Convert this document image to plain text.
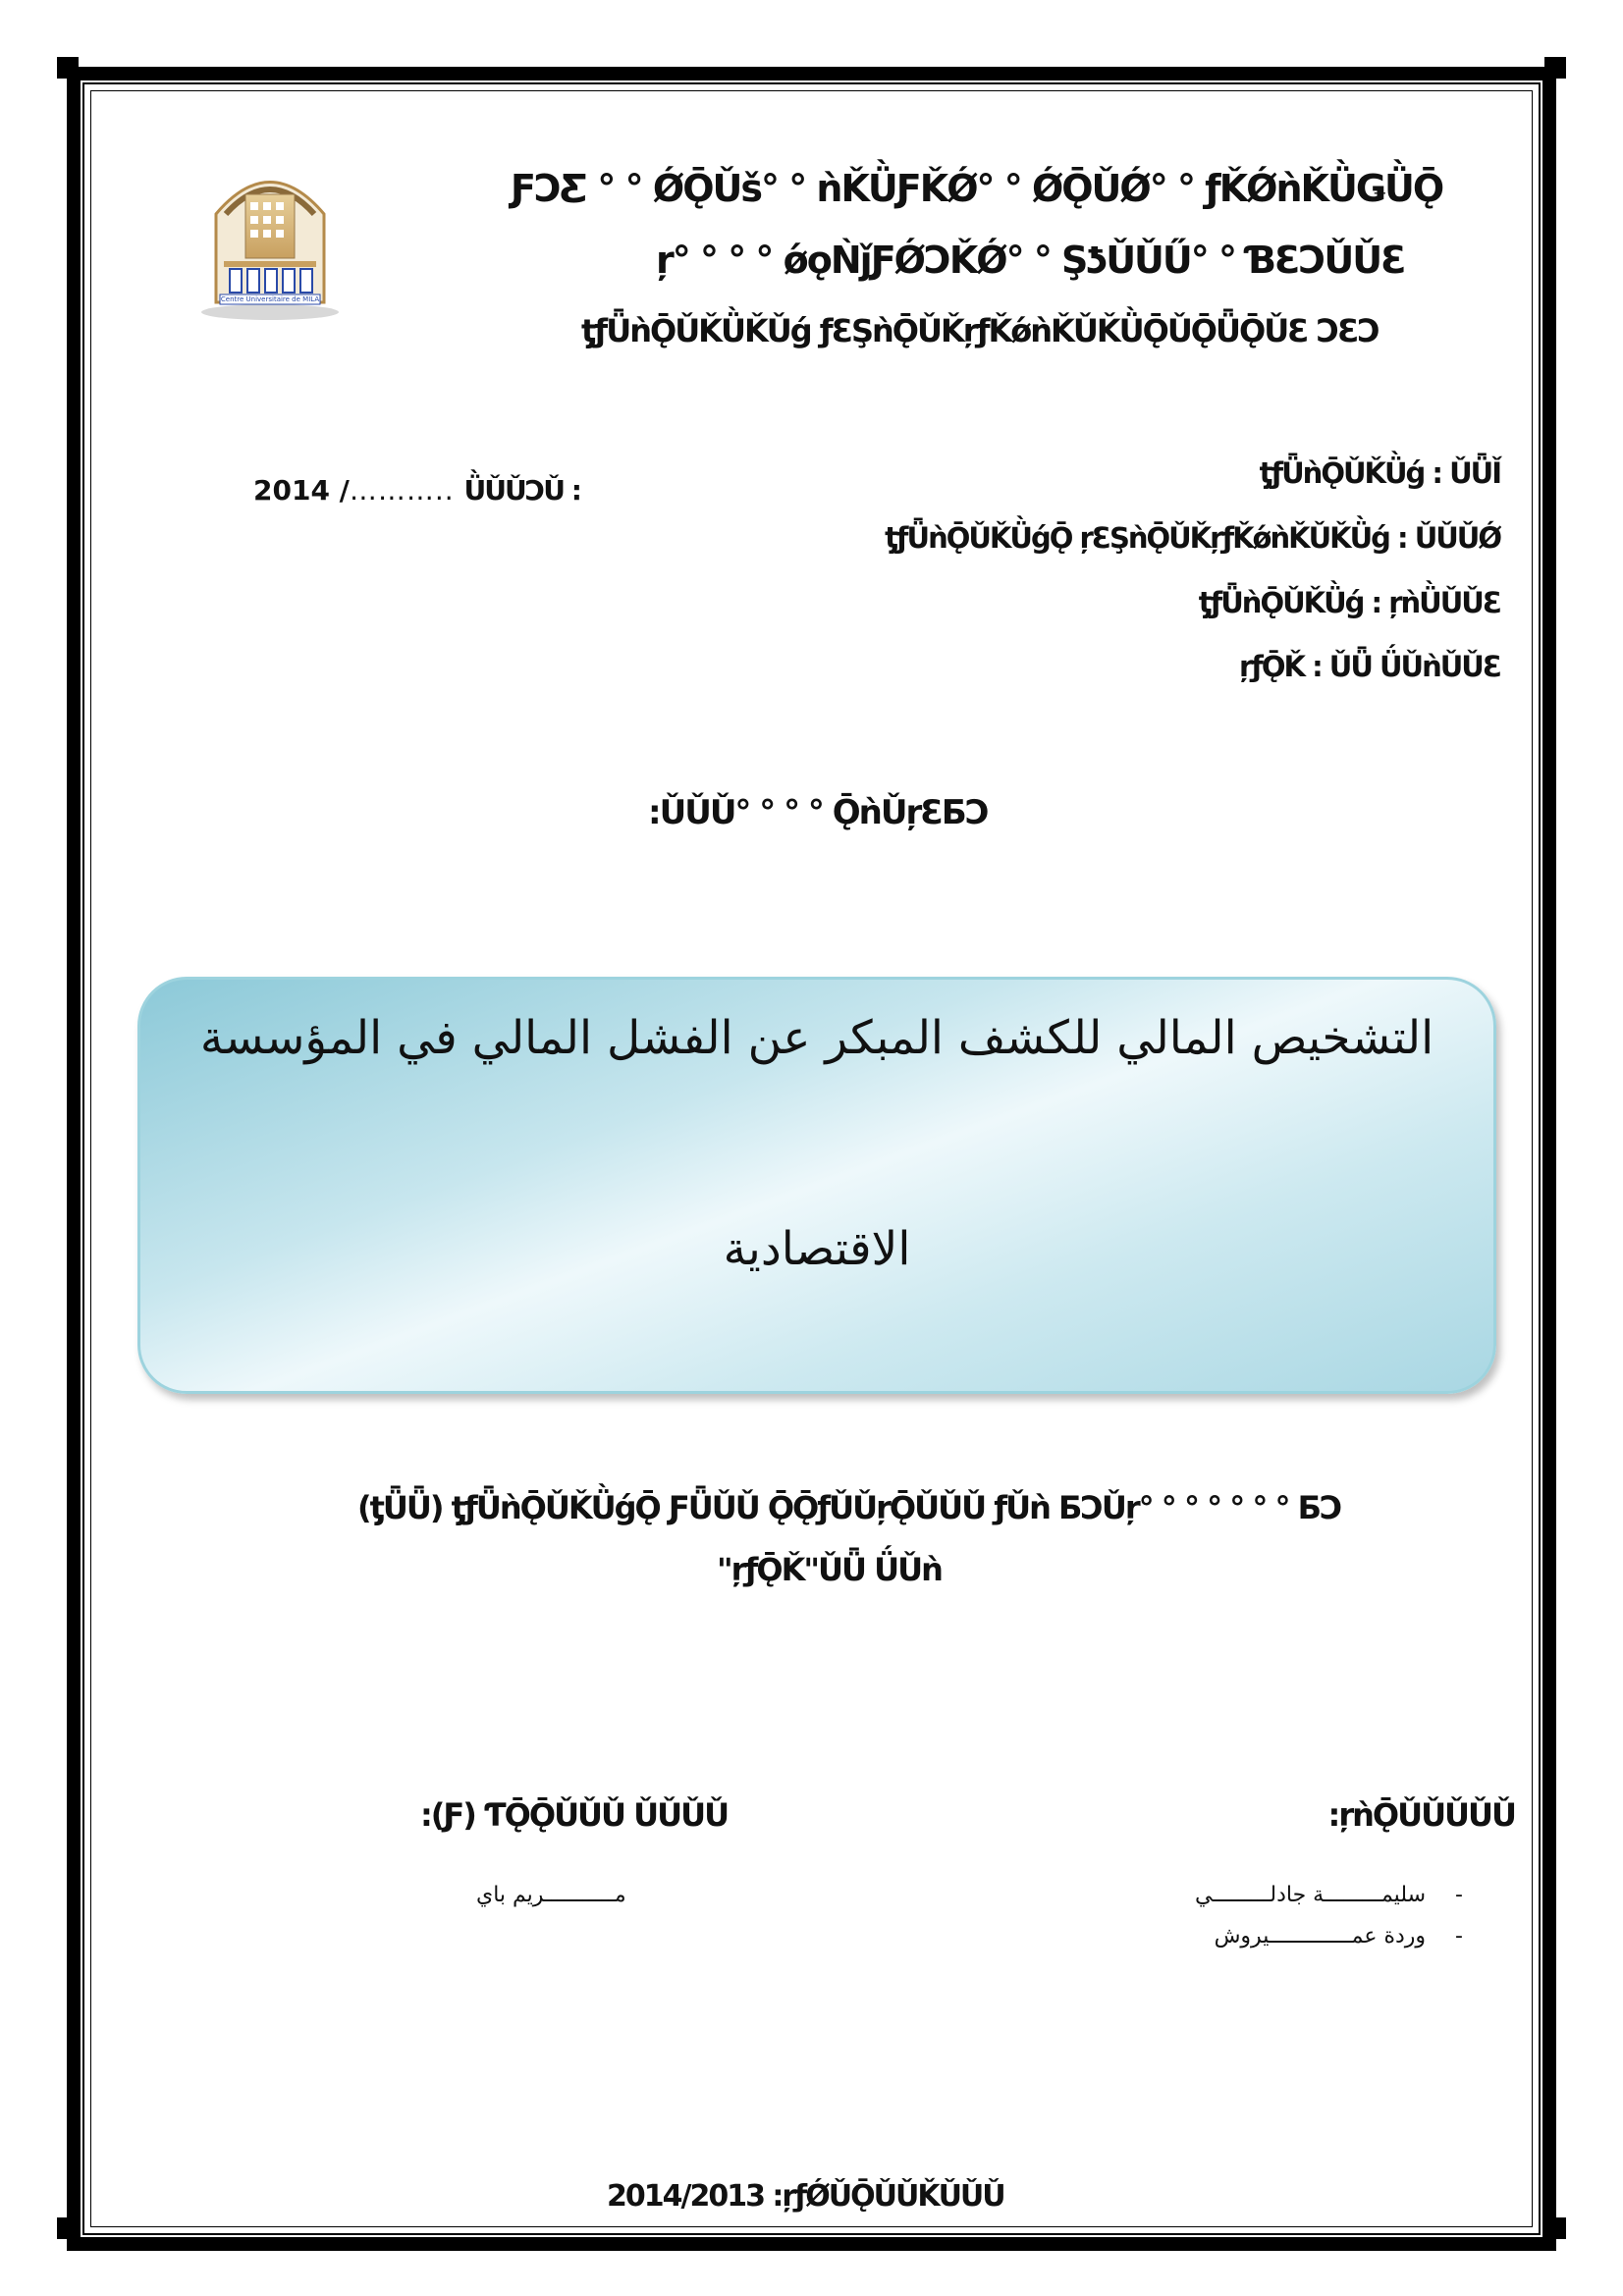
Centre Universitaire de MILA
ƑƆƸ ° ° ǾǬǓš° ° ǹǨǛƑǨǾ° ° ǾǬǓǾ° ° ƒǨǾǹǨǛǤǛǬ
ŗ° ° ° ° ǿǫǸǰƑǾƆǨǾ° ° ŞƾǓǓŰ° ° ƁƐƆǓǓƐ
ƫƒǕǹǬǓǨǛǨǓǵ ƒƐŞǹǬǓǨŗƒǨǿǹǨǓǨǛǬǓǬǕǬǓƐ ƆƐƆ
ƫƒǕǹǬǓǨǛǵ : ǓǕǏ
ƫƒǕǹǬǓǨǛǵǬ ŗƐŞǹǬǓǨŗƒǨǿǹǨǓǨǛǵ : ǓǓǓǾ
ƫƒǕǹǬǓǨǛǵ : ŗǹǛǓǓƐ
ŗƒǬǨ : ǓǕ ǗǓǹǓǓƐ
2014 /……….. ǛǓǓƆǓ :
:ǓǓǓ° ° ° ° ǬǹǓŗƐƂƆ
التشخيص المالي للكشف المبكر عن الفشل المالي في المؤسسة
الاقتصادية
(ƫǕǕ) ƫƒǕǹǬǓǨǛǵǬ ƑǕǓǓ ǬǬƒǓǓŗǬǓǓǓ ƒǓǹ ƂƆǓŗ° ° ° ° ° ° ° ƂƆ
"ŗƒǬǨ"ǓǕ ǗǓǹ
:ŗǹǬǓǓǓǓǓ
:(Ƒ) ƬǬǬǓǓǓ ǓǓǓǓ
-سليمـــــــــة جادلـــــــــي
-وردة عمـــــــــــــيروش
مـــــــــــريم باي
2014/2013 :ŗƒǾǓǬǓǓǨǓǓǓ
